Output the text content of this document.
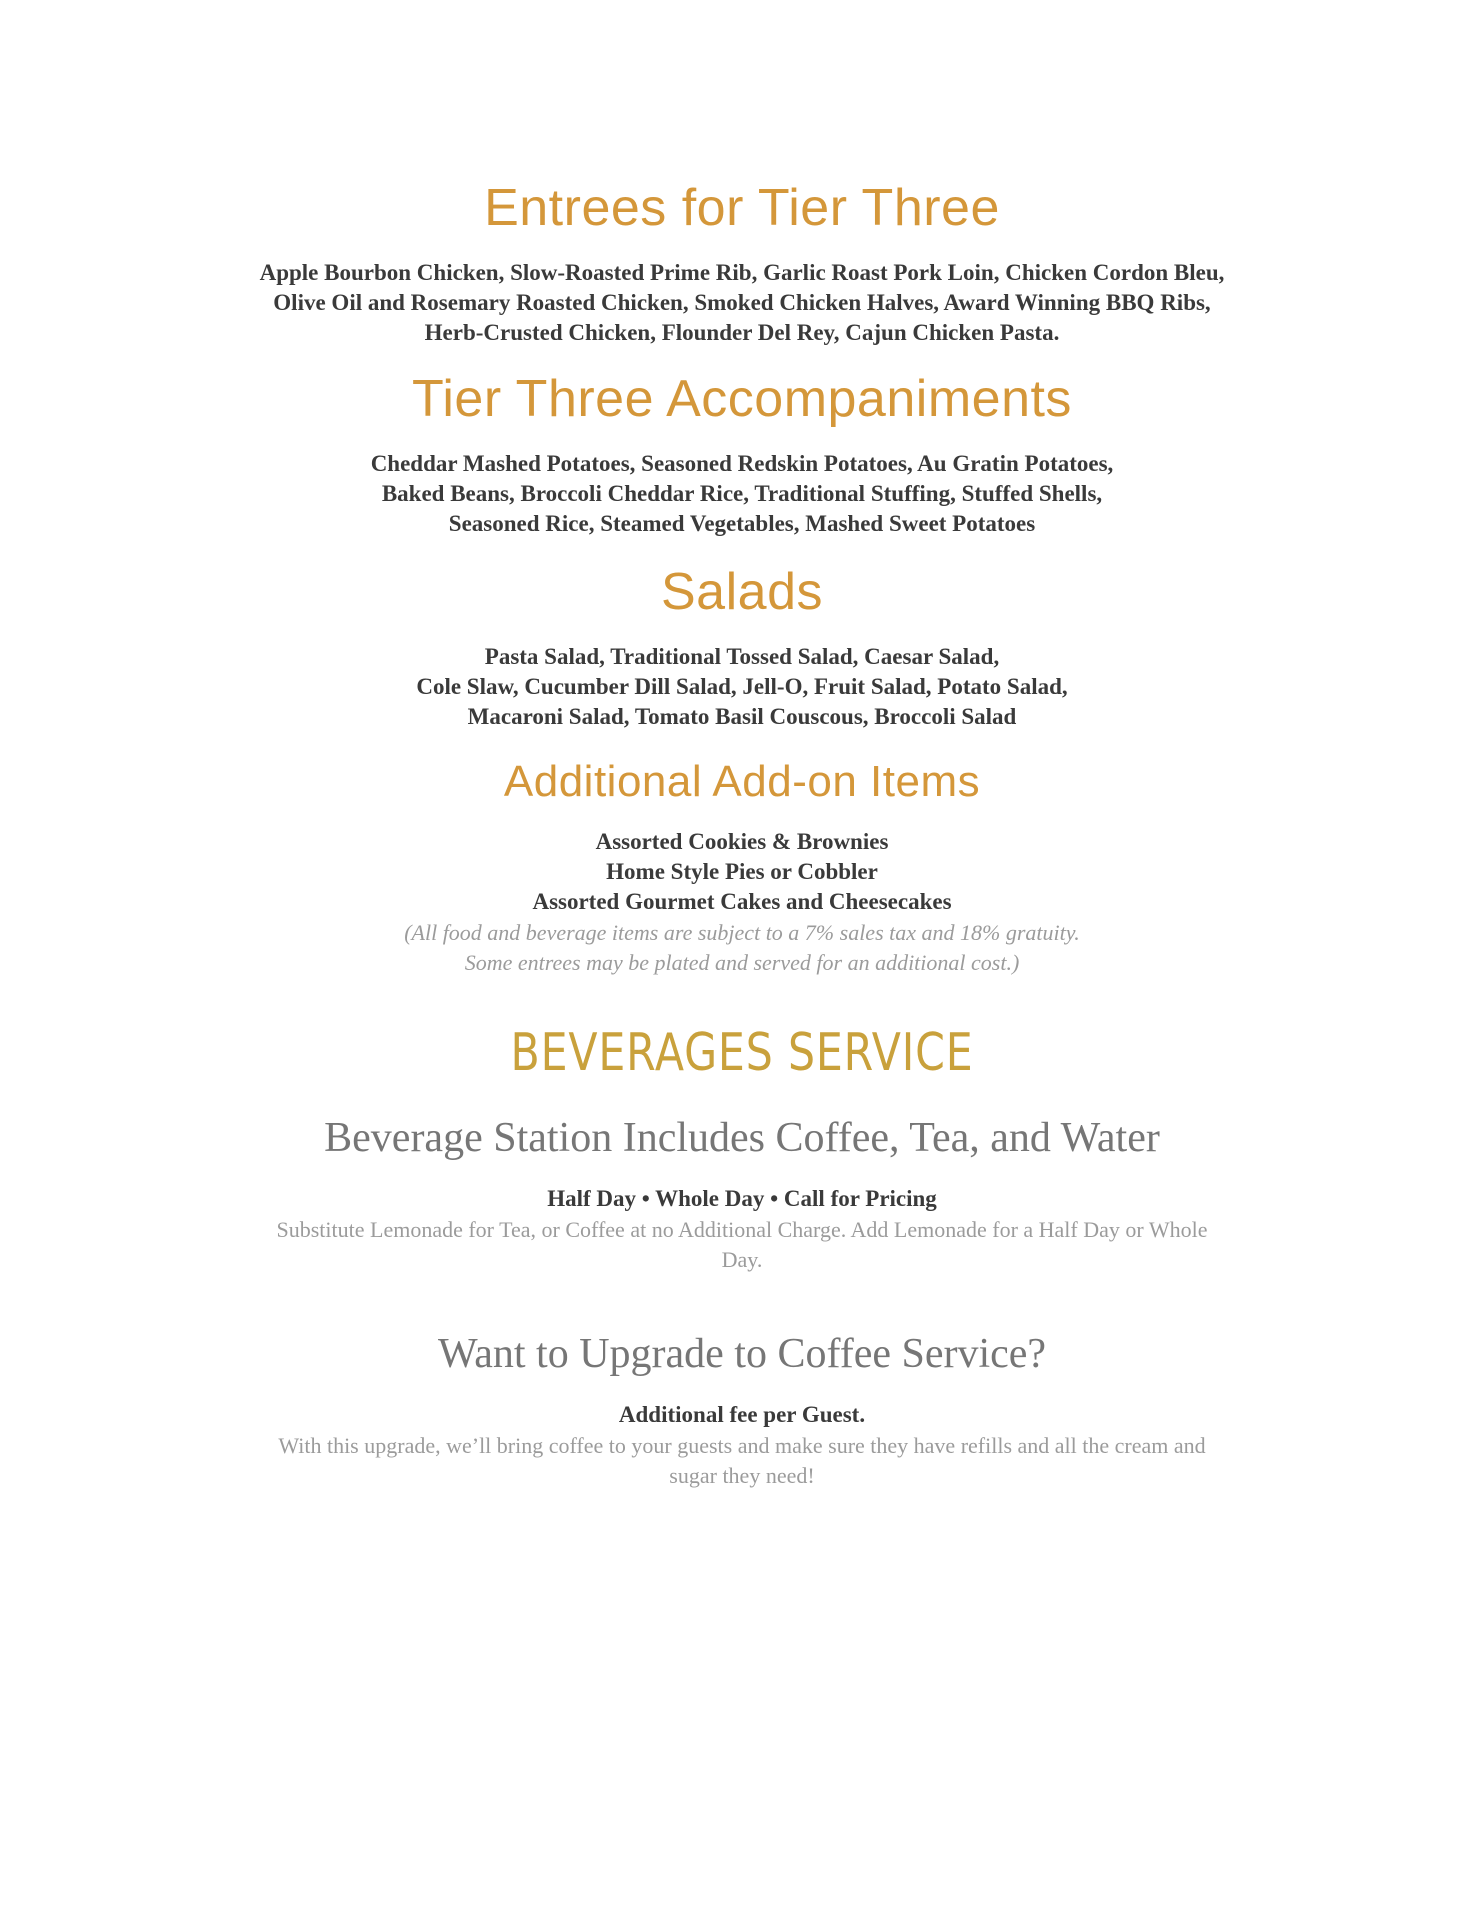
Entrees for Tier Three
Apple Bourbon Chicken, Slow-Roasted Prime Rib, Garlic Roast Pork Loin, Chicken Cordon Bleu,
Olive Oil and Rosemary Roasted Chicken, Smoked Chicken Halves, Award Winning BBQ Ribs,
Herb-Crusted Chicken, Flounder Del Rey, Cajun Chicken Pasta.
Tier Three Accompaniments
Cheddar Mashed Potatoes, Seasoned Redskin Potatoes, Au Gratin Potatoes,
Baked Beans, Broccoli Cheddar Rice, Traditional Stuffing, Stuffed Shells,
Seasoned Rice, Steamed Vegetables, Mashed Sweet Potatoes
Salads
Pasta Salad, Traditional Tossed Salad, Caesar Salad,
Cole Slaw, Cucumber Dill Salad, Jell-O, Fruit Salad, Potato Salad,
Macaroni Salad, Tomato Basil Couscous, Broccoli Salad
Additional Add-on Items
Assorted Cookies & Brownies
Home Style Pies or Cobbler
Assorted Gourmet Cakes and Cheesecakes
(All food and beverage items are subject to a 7% sales tax and 18% gratuity.
Some entrees may be plated and served for an additional cost.)
BEVERAGES SERVICE
Beverage Station Includes Coffee, Tea, and Water
Half Day • Whole Day • Call for Pricing
Substitute Lemonade for Tea, or Coffee at no Additional Charge. Add Lemonade for a Half Day or Whole
Day.
Want to Upgrade to Coffee Service?
Additional fee per Guest.
With this upgrade, we’ll bring coffee to your guests and make sure they have refills and all the cream and
sugar they need!
